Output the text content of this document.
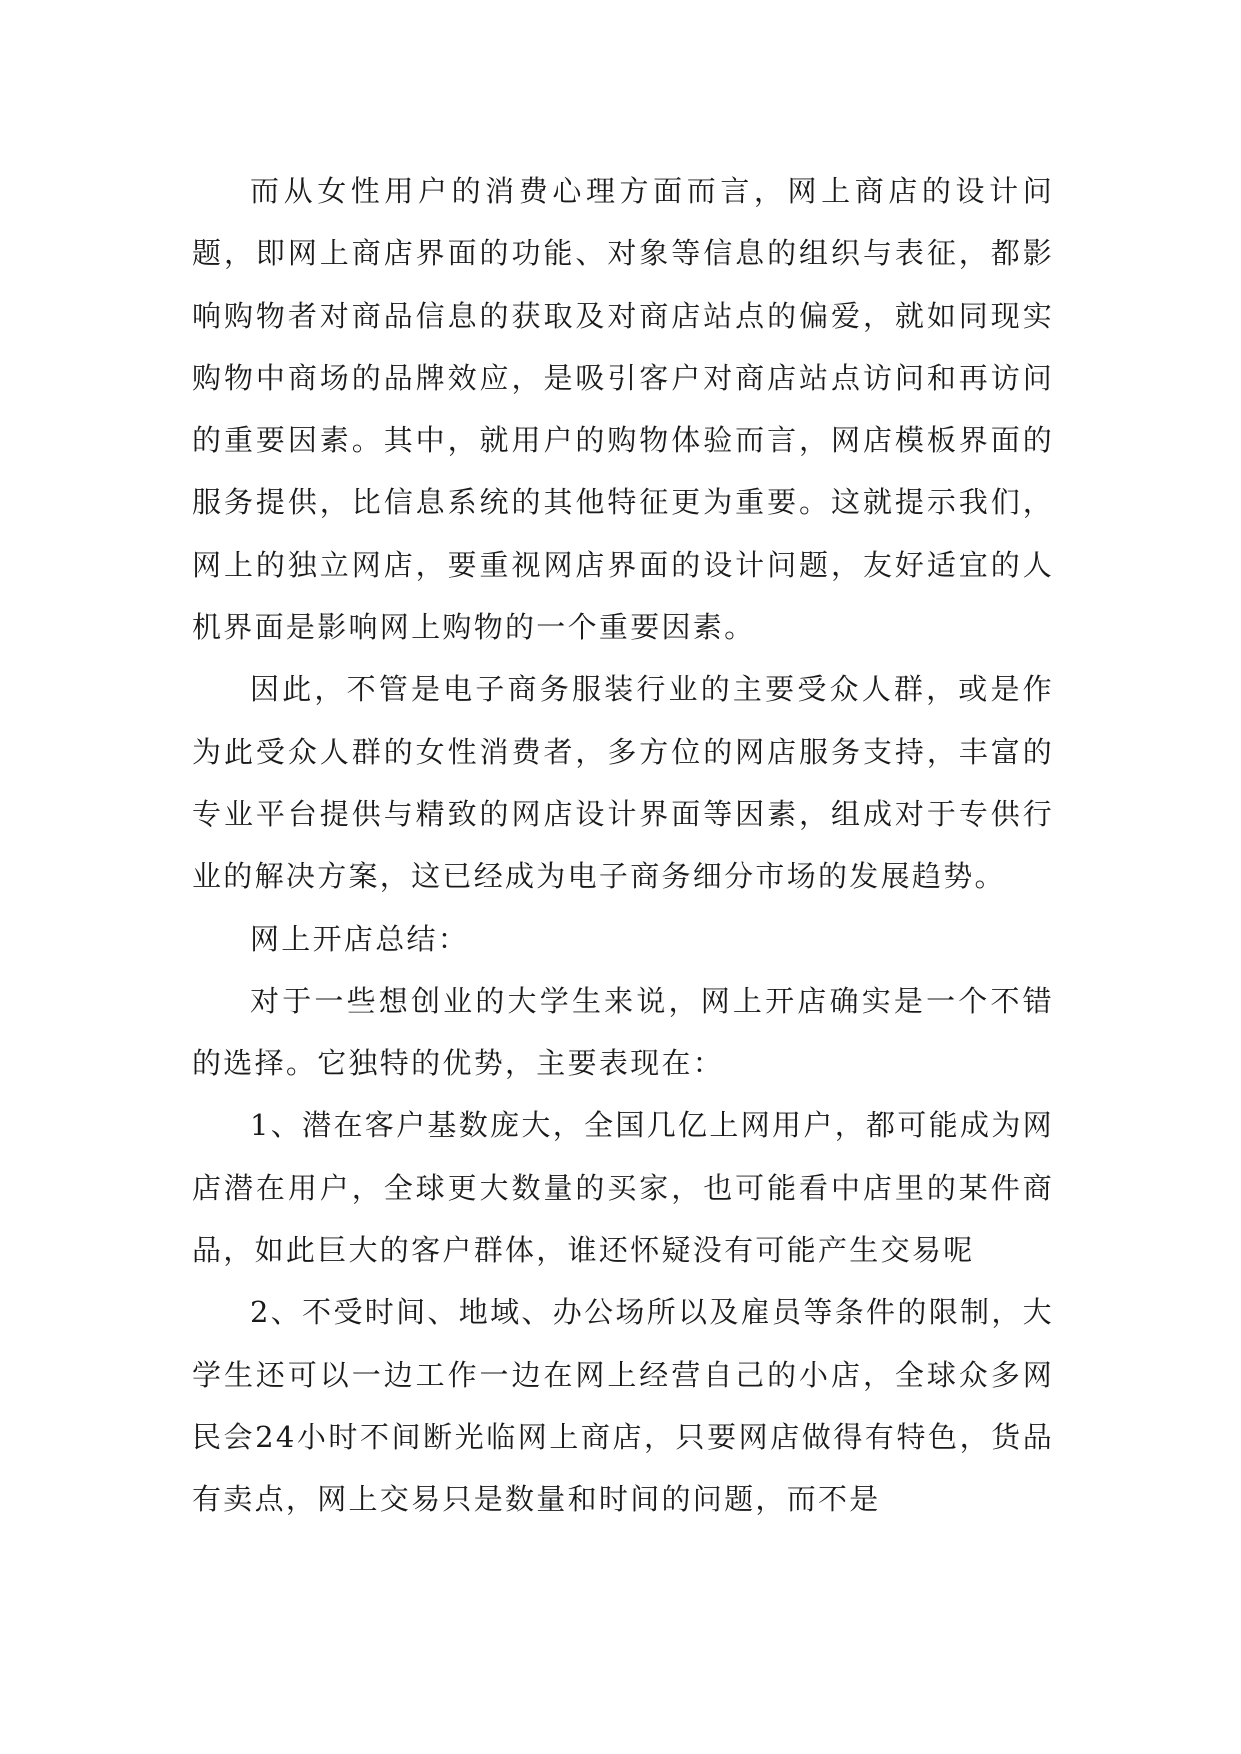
而从女性用户的消费心理方面而言，网上商店的设计问题，即网上商店界面的功能、对象等信息的组织与表征，都影响购物者对商品信息的获取及对商店站点的偏爱，就如同现实购物中商场的品牌效应，是吸引客户对商店站点访问和再访问的重要因素。其中，就用户的购物体验而言，网店模板界面的服务提供，比信息系统的其他特征更为重要。这就提示我们，网上的独立网店，要重视网店界面的设计问题，友好适宜的人机界面是影响网上购物的一个重要因素。

因此，不管是电子商务服装行业的主要受众人群，或是作为此受众人群的女性消费者，多方位的网店服务支持，丰富的专业平台提供与精致的网店设计界面等因素，组成对于专供行业的解决方案，这已经成为电子商务细分市场的发展趋势。

网上开店总结：

对于一些想创业的大学生来说，网上开店确实是一个不错的选择。它独特的优势，主要表现在：

1、潜在客户基数庞大，全国几亿上网用户，都可能成为网店潜在用户，全球更大数量的买家，也可能看中店里的某件商品，如此巨大的客户群体，谁还怀疑没有可能产生交易呢

2、不受时间、地域、办公场所以及雇员等条件的限制，大学生还可以一边工作一边在网上经营自己的小店，全球众多网民会24小时不间断光临网上商店，只要网店做得有特色，货品有卖点，网上交易只是数量和时间的问题，而不是
